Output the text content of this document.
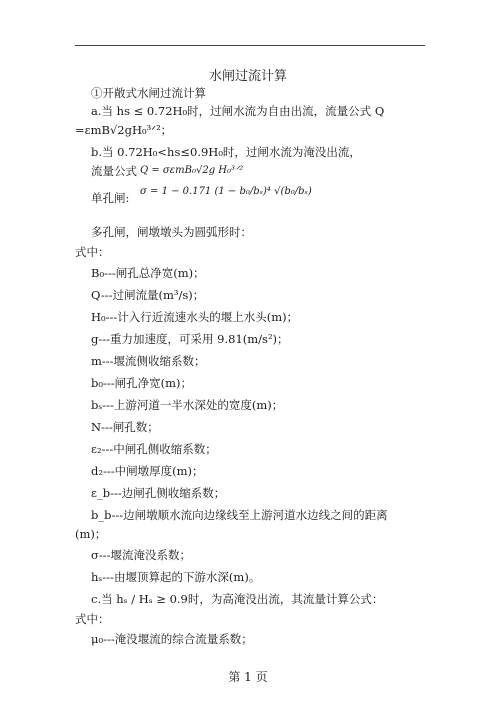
水闸过流计算
①开敞式水闸过流计算
a.当 hs ≤ 0.72H₀时，过闸水流为自由出流，流量公式 Q
=εmB√2gH₀³ᐟ²；
b.当 0.72H₀<hs≤0.9H₀时，过闸水流为淹没出流，
流量公式 Q = σεmB₀√2g H₀³ᐟ²
单孔闸: σ = 1 − 0.171 (1 − b₀/bₛ)⁴ √(b₀/bₛ)
多孔闸，闸墩墩头为圆弧形时：
式中：
B₀---闸孔总净宽(m)；
Q---过闸流量(m³/s)；
H₀---计入行近流速水头的堰上水头(m)；
g---重力加速度，可采用 9.81(m/s²)；
m---堰流侧收缩系数；
b₀---闸孔净宽(m)；
bₛ---上游河道一半水深处的宽度(m)；
N---闸孔数；
ε₂---中闸孔侧收缩系数；
d₂---中闸墩厚度(m)；
ε_b---边闸孔侧收缩系数；
b_b---边闸墩顺水流向边缘线至上游河道水边线之间的距离
(m)；
σ---堰流淹没系数；
hₛ---由堰顶算起的下游水深(m)。
c.当 hₛ / Hₛ ≥ 0.9时，为高淹没出流，其流量计算公式：
式中：
μ₀---淹没堰流的综合流量系数；
第 1 页
